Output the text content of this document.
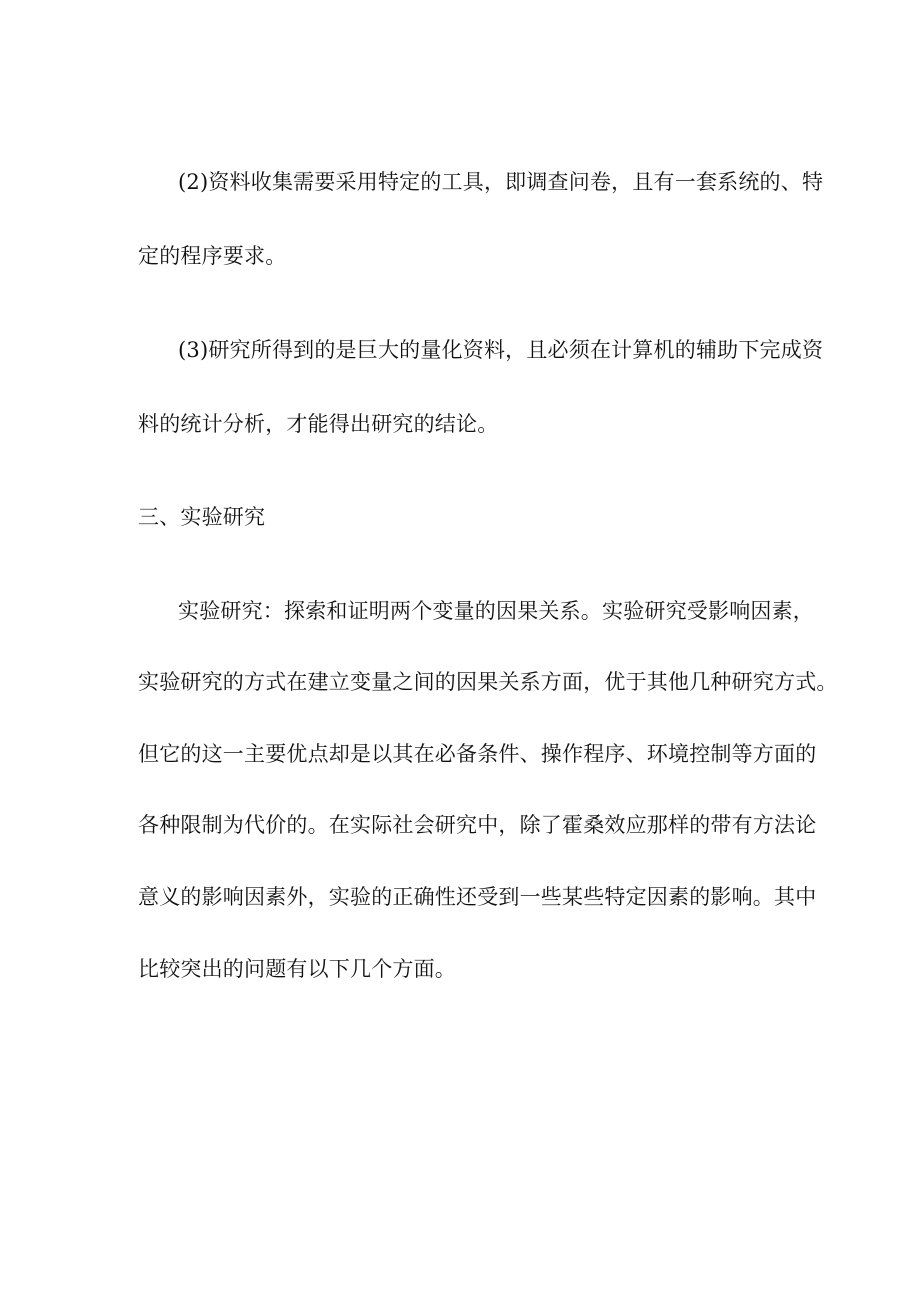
(2)资料收集需要采用特定的工具，即调查问卷，且有一套系统的、特
定的程序要求。
(3)研究所得到的是巨大的量化资料，且必须在计算机的辅助下完成资
料的统计分析，才能得出研究的结论。
三、实验研究
实验研究：探索和证明两个变量的因果关系。实验研究受影响因素，
实验研究的方式在建立变量之间的因果关系方面，优于其他几种研究方式。
但它的这一主要优点却是以其在必备条件、操作程序、环境控制等方面的
各种限制为代价的。在实际社会研究中，除了霍桑效应那样的带有方法论
意义的影响因素外，实验的正确性还受到一些某些特定因素的影响。其中
比较突出的问题有以下几个方面。
